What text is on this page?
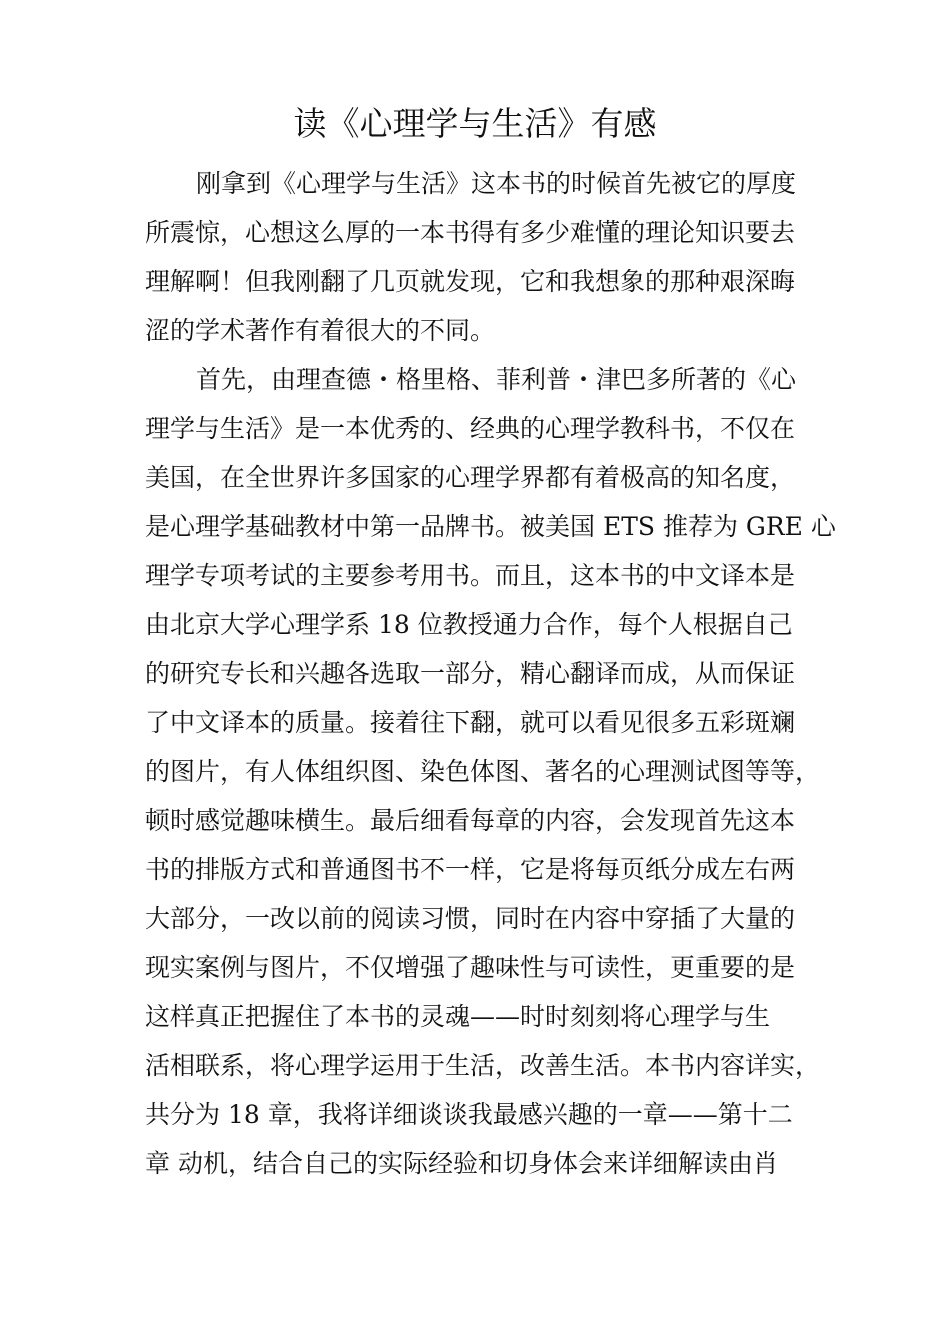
读《心理学与生活》有感

刚拿到《心理学与生活》这本书的时候首先被它的厚度

所震惊，心想这么厚的一本书得有多少难懂的理论知识要去

理解啊！但我刚翻了几页就发现，它和我想象的那种艰深晦

涩的学术著作有着很大的不同。

首先，由理查德・格里格、菲利普・津巴多所著的《心

理学与生活》是一本优秀的、经典的心理学教科书，不仅在

美国，在全世界许多国家的心理学界都有着极高的知名度，

是心理学基础教材中第一品牌书。被美国 ETS 推荐为 GRE 心

理学专项考试的主要参考用书。而且，这本书的中文译本是

由北京大学心理学系 18 位教授通力合作，每个人根据自己

的研究专长和兴趣各选取一部分，精心翻译而成，从而保证

了中文译本的质量。接着往下翻，就可以看见很多五彩斑斓

的图片，有人体组织图、染色体图、著名的心理测试图等等，

顿时感觉趣味横生。最后细看每章的内容，会发现首先这本

书的排版方式和普通图书不一样，它是将每页纸分成左右两

大部分，一改以前的阅读习惯，同时在内容中穿插了大量的

现实案例与图片，不仅增强了趣味性与可读性，更重要的是

这样真正把握住了本书的灵魂——时时刻刻将心理学与生

活相联系，将心理学运用于生活，改善生活。本书内容详实，

共分为 18 章，我将详细谈谈我最感兴趣的一章——第十二

章 动机，结合自己的实际经验和切身体会来详细解读由肖
